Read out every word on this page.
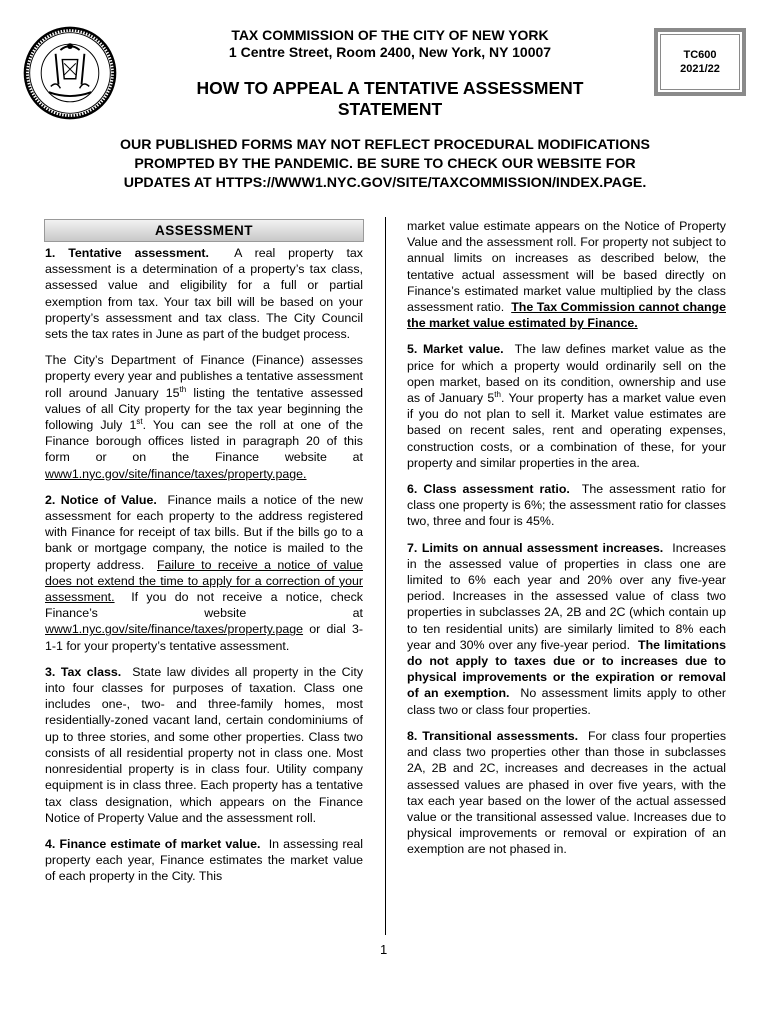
TAX COMMISSION OF THE CITY OF NEW YORK
1 Centre Street, Room 2400, New York, NY 10007
HOW TO APPEAL A TENTATIVE ASSESSMENT
STATEMENT
TC600
2021/22
OUR PUBLISHED FORMS MAY NOT REFLECT PROCEDURAL MODIFICATIONS
PROMPTED BY THE PANDEMIC. BE SURE TO CHECK OUR WEBSITE FOR
UPDATES AT HTTPS://WWW1.NYC.GOV/SITE/TAXCOMMISSION/INDEX.PAGE.
ASSESSMENT

1. Tentative assessment. A real property tax assessment is a determination of a property’s tax class, assessed value and eligibility for a full or partial exemption from tax. Your tax bill will be based on your property’s assessment and tax class. The City Council sets the tax rates in June as part of the budget process.

The City’s Department of Finance (Finance) assesses property every year and publishes a tentative assessment roll around January 15th listing the tentative assessed values of all City property for the tax year beginning the following July 1st. You can see the roll at one of the Finance borough offices listed in paragraph 20 of this form or on the Finance website at www1.nyc.gov/site/finance/taxes/property.page.

2. Notice of Value. Finance mails a notice of the new assessment for each property to the address registered with Finance for receipt of tax bills. But if the bills go to a bank or mortgage company, the notice is mailed to the property address. Failure to receive a notice of value does not extend the time to apply for a correction of your assessment. If you do not receive a notice, check Finance’s website at www1.nyc.gov/site/finance/taxes/property.page or dial 3-1-1 for your property’s tentative assessment.

3. Tax class. State law divides all property in the City into four classes for purposes of taxation. Class one includes one-, two- and three-family homes, most residentially-zoned vacant land, certain condominiums of up to three stories, and some other properties. Class two consists of all residential property not in class one. Most nonresidential property is in class four. Utility company equipment is in class three. Each property has a tentative tax class designation, which appears on the Finance Notice of Property Value and the assessment roll.

4. Finance estimate of market value. In assessing real property each year, Finance estimates the market value of each property in the City. This

market value estimate appears on the Notice of Property Value and the assessment roll. For property not subject to annual limits on increases as described below, the tentative actual assessment will be based directly on Finance’s estimated market value multiplied by the class assessment ratio. The Tax Commission cannot change the market value estimated by Finance.

5. Market value. The law defines market value as the price for which a property would ordinarily sell on the open market, based on its condition, ownership and use as of January 5th. Your property has a market value even if you do not plan to sell it. Market value estimates are based on recent sales, rent and operating expenses, construction costs, or a combination of these, for your property and similar properties in the area.

6. Class assessment ratio. The assessment ratio for class one property is 6%; the assessment ratio for classes two, three and four is 45%.

7. Limits on annual assessment increases. Increases in the assessed value of properties in class one are limited to 6% each year and 20% over any five-year period. Increases in the assessed value of class two properties in subclasses 2A, 2B and 2C (which contain up to ten residential units) are similarly limited to 8% each year and 30% over any five-year period. The limitations do not apply to taxes due or to increases due to physical improvements or the expiration or removal of an exemption. No assessment limits apply to other class two or class four properties.

8. Transitional assessments. For class four properties and class two properties other than those in subclasses 2A, 2B and 2C, increases and decreases in the actual assessed values are phased in over five years, with the tax each year based on the lower of the actual assessed value or the transitional assessed value. Increases due to physical improvements or removal or expiration of an exemption are not phased in.

1
